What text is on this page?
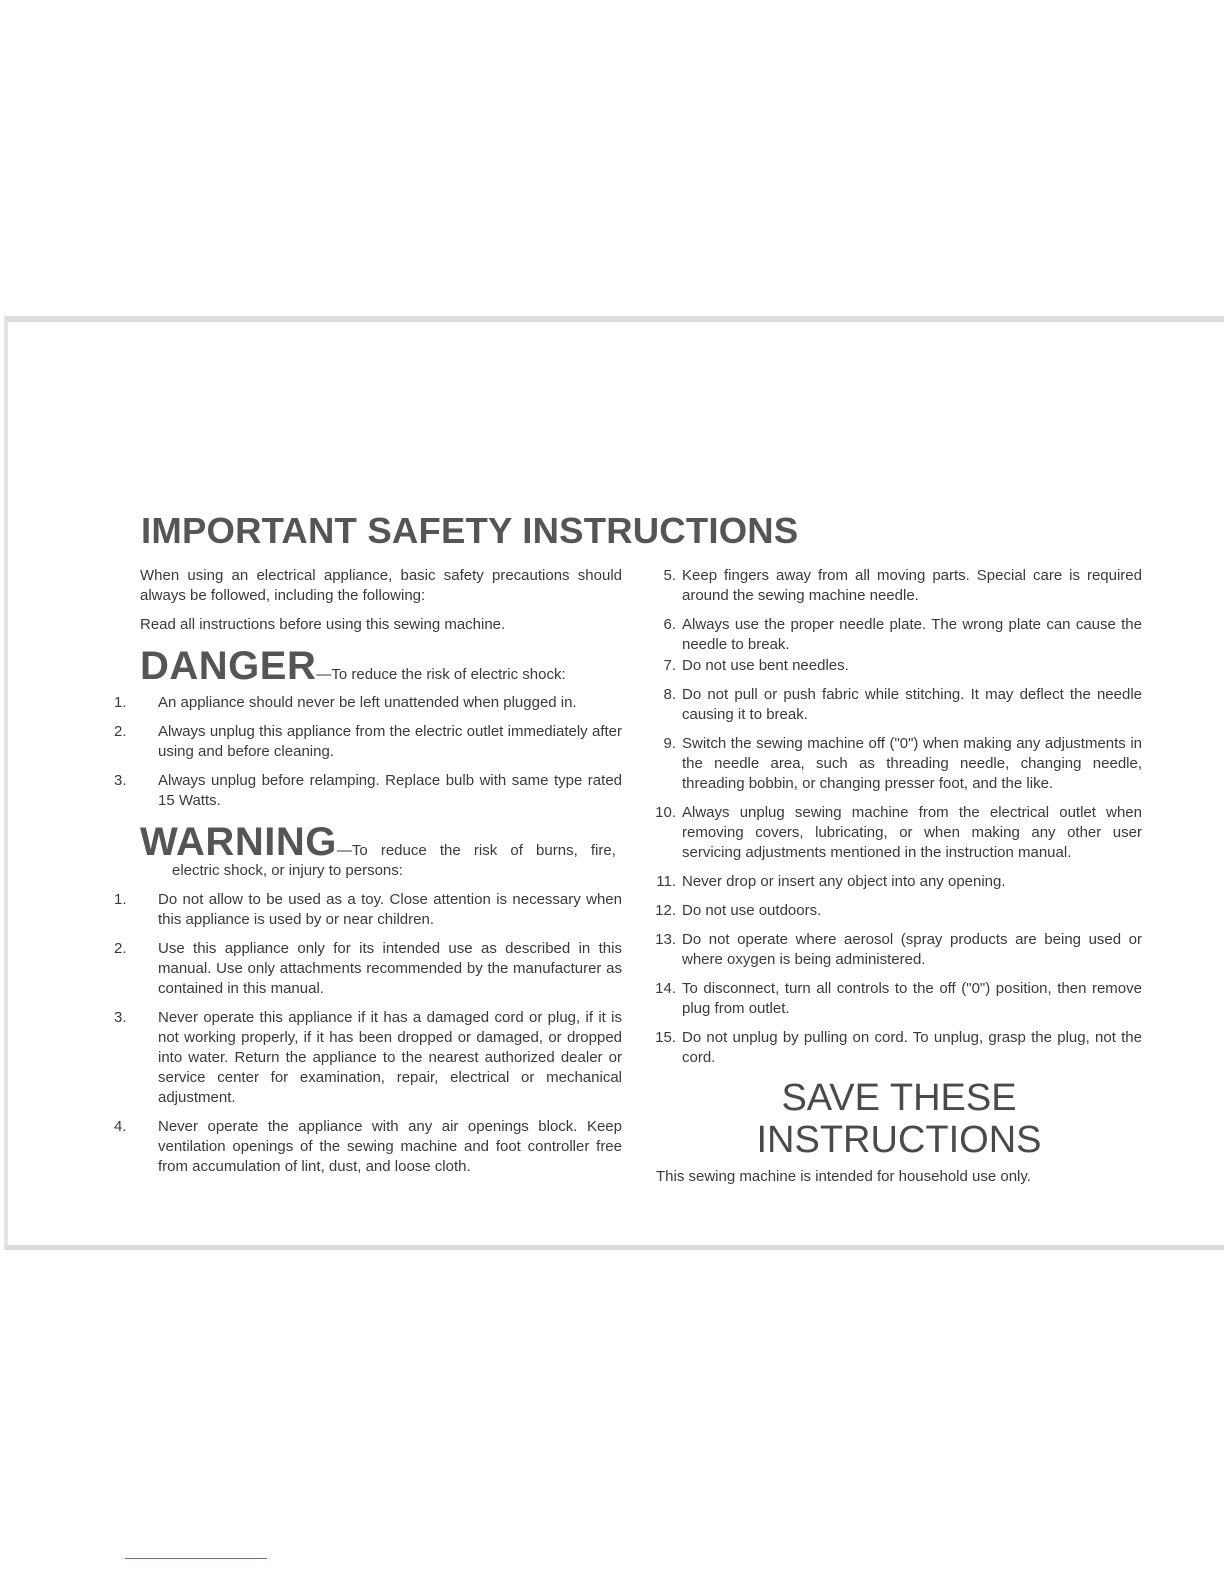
IMPORTANT SAFETY INSTRUCTIONS

When using an electrical appliance, basic safety precautions should always be followed, including the following:

Read all instructions before using this sewing machine.

DANGER—To reduce the risk of electric shock:
1.	An appliance should never be left unattended when plugged in.
2.	Always unplug this appliance from the electric outlet immediately after using and before cleaning.
3.	Always unplug before relamping. Replace bulb with same type rated 15 Watts.
WARNING—To reduce the risk of burns, fire,

electric shock, or injury to persons:

1.	Do not allow to be used as a toy. Close attention is necessary when this appliance is used by or near children.
2.	Use this appliance only for its intended use as described in this manual. Use only attachments recommended by the manufacturer as contained in this manual.
3.	Never operate this appliance if it has a damaged cord or plug, if it is not working properly, if it has been dropped or damaged, or dropped into water. Return the appliance to the nearest authorized dealer or service center for examination, repair, electrical or mechanical adjustment.
4.	Never operate the appliance with any air openings block. Keep ventilation openings of the sewing machine and foot controller free from accumulation of lint, dust, and loose cloth.
5. Keep fingers away from all moving parts. Special care is required around the sewing machine needle.
6. Always use the proper needle plate. The wrong plate can cause the needle to break.
7. Do not use bent needles.
8. Do not pull or push fabric while stitching. It may deflect the needle causing it to break.
9. Switch the sewing machine off ("0") when making any adjustments in the needle area, such as threading needle, changing needle, threading bobbin, or changing presser foot, and the like.
10. Always unplug sewing machine from the electrical outlet when removing covers, lubricating, or when making any other user servicing adjustments mentioned in the instruction manual.
11. Never drop or insert any object into any opening.
12. Do not use outdoors.
13. Do not operate where aerosol (spray products are being used or where oxygen is being administered.
14. To disconnect, turn all controls to the off ("0") position, then remove plug from outlet.
15. Do not unplug by pulling on cord. To unplug, grasp the plug, not the cord.
SAVE THESE
INSTRUCTIONS

This sewing machine is intended for household use only.
